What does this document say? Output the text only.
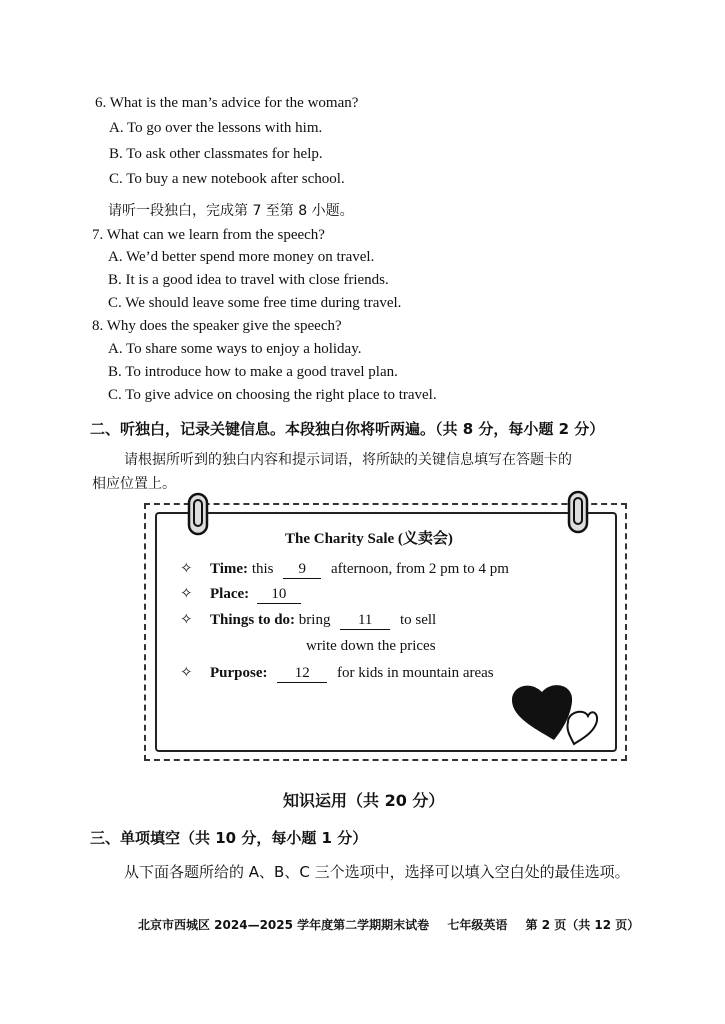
6. What is the man’s advice for the woman?
A. To go over the lessons with him.
B. To ask other classmates for help.
C. To buy a new notebook after school.
请听一段独白，完成第 7 至第 8 小题。
7. What can we learn from the speech?
A. We’d better spend more money on travel.
B. It is a good idea to travel with close friends.
C. We should leave some free time during travel.
8. Why does the speaker give the speech?
A. To share some ways to enjoy a holiday.
B. To introduce how to make a good travel plan.
C. To give advice on choosing the right place to travel.
二、听独白，记录关键信息。本段独白你将听两遍。（共 8 分，每小题 2 分）
请根据所听到的独白内容和提示词语，将所缺的关键信息填写在答题卡的
相应位置上。
The Charity Sale (义卖会)
✧ Time: this 9 afternoon, from 2 pm to 4 pm
✧ Place: 10
✧ Things to do: bring 11 to sell
write down the prices
✧ Purpose: 12 for kids in mountain areas
知识运用（共 20 分）
三、单项填空（共 10 分，每小题 1 分）
从下面各题所给的 A、B、C 三个选项中，选择可以填入空白处的最佳选项。
北京市西城区 2024—2025 学年度第二学期期末试卷 七年级英语 第 2 页（共 12 页）
